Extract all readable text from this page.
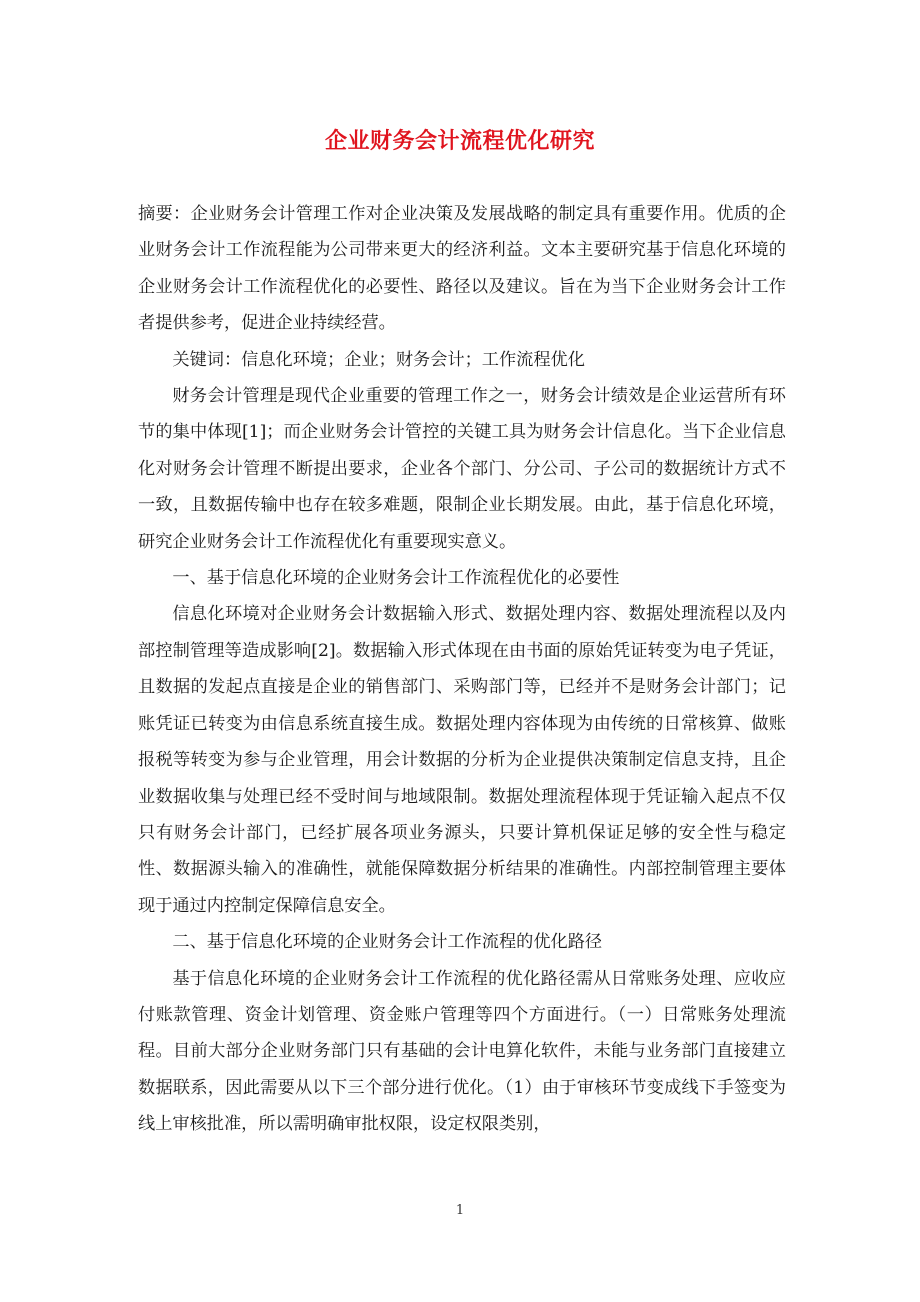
企业财务会计流程优化研究

摘要：企业财务会计管理工作对企业决策及发展战略的制定具有重要作用。优质的企业财务会计工作流程能为公司带来更大的经济利益。文本主要研究基于信息化环境的企业财务会计工作流程优化的必要性、路径以及建议。旨在为当下企业财务会计工作者提供参考，促进企业持续经营。

关键词：信息化环境；企业；财务会计；工作流程优化

财务会计管理是现代企业重要的管理工作之一，财务会计绩效是企业运营所有环节的集中体现[1]；而企业财务会计管控的关键工具为财务会计信息化。当下企业信息化对财务会计管理不断提出要求，企业各个部门、分公司、子公司的数据统计方式不一致，且数据传输中也存在较多难题，限制企业长期发展。由此，基于信息化环境，研究企业财务会计工作流程优化有重要现实意义。

一、基于信息化环境的企业财务会计工作流程优化的必要性

信息化环境对企业财务会计数据输入形式、数据处理内容、数据处理流程以及内部控制管理等造成影响[2]。数据输入形式体现在由书面的原始凭证转变为电子凭证，且数据的发起点直接是企业的销售部门、采购部门等，已经并不是财务会计部门；记账凭证已转变为由信息系统直接生成。数据处理内容体现为由传统的日常核算、做账报税等转变为参与企业管理，用会计数据的分析为企业提供决策制定信息支持，且企业数据收集与处理已经不受时间与地域限制。数据处理流程体现于凭证输入起点不仅只有财务会计部门，已经扩展各项业务源头，只要计算机保证足够的安全性与稳定性、数据源头输入的准确性，就能保障数据分析结果的准确性。内部控制管理主要体现于通过内控制定保障信息安全。

二、基于信息化环境的企业财务会计工作流程的优化路径

基于信息化环境的企业财务会计工作流程的优化路径需从日常账务处理、应收应付账款管理、资金计划管理、资金账户管理等四个方面进行。（一）日常账务处理流程。目前大部分企业财务部门只有基础的会计电算化软件，未能与业务部门直接建立数据联系，因此需要从以下三个部分进行优化。（1）由于审核环节变成线下手签变为线上审核批准，所以需明确审批权限，设定权限类别，

1
